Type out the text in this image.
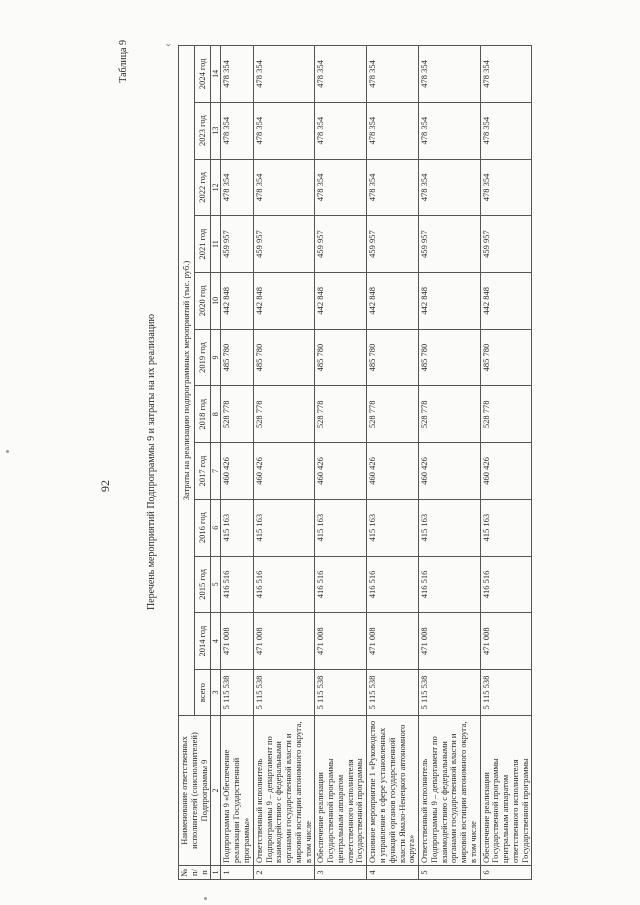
92
Таблица 9
Перечень мероприятий Подпрограммы 9 и затраты на их реализацию
№ п/п	Наименование ответственных исполнителей (соисполнителей) Подпрограммы 9	Затраты на реализацию подпрограммных мероприятий (тыс. руб.)											
		всего	2014 год	2015 год	2016 год	2017 год	2018 год	2019 год	2020 год	2021 год	2022 год	2023 год	2024 год
1	2	3	4	5	6	7	8	9	10	11	12	13	14
1	Подпрограмма 9 «Обеспечение реализации Государственной программы»	5 115 538	471 008	416 516	415 163	460 426	528 778	485 780	442 848	459 957	478 354	478 354	478 354
2	Ответственный исполнитель Подпрограммы 9 – департамент по взаимодействию с федеральными органами государственной власти и мировой юстиции автономного округа, в том числе	5 115 538	471 008	416 516	415 163	460 426	528 778	485 780	442 848	459 957	478 354	478 354	478 354
3	Обеспечение реализации Государственной программы центральным аппаратом ответственного исполнителя Государственной программы	5 115 538	471 008	416 516	415 163	460 426	528 778	485 780	442 848	459 957	478 354	478 354	478 354
4	Основное мероприятие 1 «Руководство и управление в сфере установленных функций органов государственной власти Ямало-Ненецкого автономного округа»	5 115 538	471 008	416 516	415 163	460 426	528 778	485 780	442 848	459 957	478 354	478 354	478 354
5	Ответственный исполнитель Подпрограммы 9 – департамент по взаимодействию с федеральными органами государственной власти и мировой юстиции автономного округа, в том числе	5 115 538	471 008	416 516	415 163	460 426	528 778	485 780	442 848	459 957	478 354	478 354	478 354
6	Обеспечение реализации Государственной программы центральным аппаратом ответственного исполнителя Государственной программы	5 115 538	471 008	416 516	415 163	460 426	528 778	485 780	442 848	459 957	478 354	478 354	478 354
‹
